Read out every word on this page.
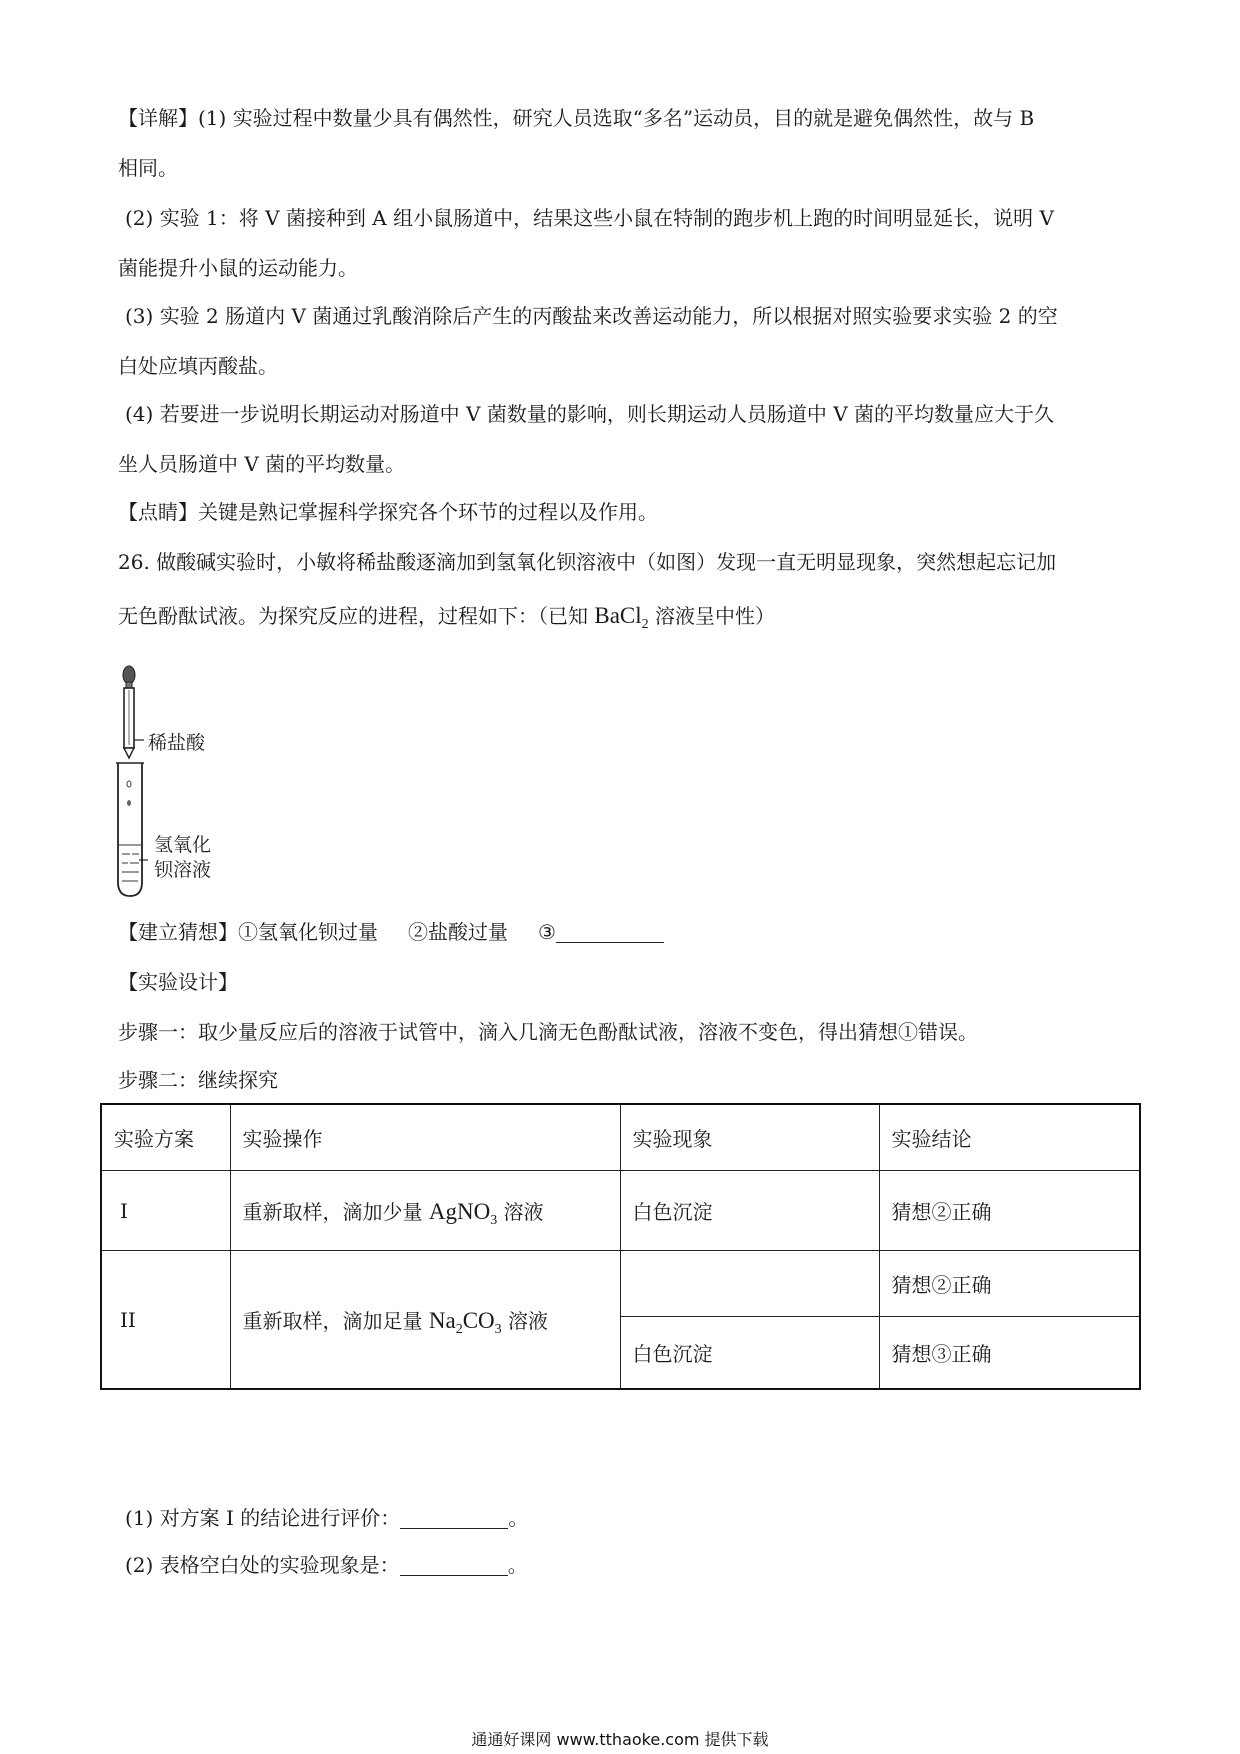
【详解】(1) 实验过程中数量少具有偶然性，研究人员选取“多名”运动员，目的就是避免偶然性，故与 B
相同。
(2) 实验 1：将 V 菌接种到 A 组小鼠肠道中，结果这些小鼠在特制的跑步机上跑的时间明显延长，说明 V
菌能提升小鼠的运动能力。
(3) 实验 2 肠道内 V 菌通过乳酸消除后产生的丙酸盐来改善运动能力，所以根据对照实验要求实验 2 的空
白处应填丙酸盐。
(4) 若要进一步说明长期运动对肠道中 V 菌数量的影响，则长期运动人员肠道中 V 菌的平均数量应大于久
坐人员肠道中 V 菌的平均数量。
【点睛】关键是熟记掌握科学探究各个环节的过程以及作用。
26. 做酸碱实验时，小敏将稀盐酸逐滴加到氢氧化钡溶液中（如图）发现一直无明显现象，突然想起忘记加
无色酚酞试液。为探究反应的进程，过程如下：（已知 BaCl$_2$ 溶液呈中性）
稀盐酸
氢氧化
钡溶液
【建立猜想】①氢氧化钡过量 ②盐酸过量 ③
【实验设计】
步骤一：取少量反应后的溶液于试管中，滴入几滴无色酚酞试液，溶液不变色，得出猜想①错误。
步骤二：继续探究
实验方案	实验操作	实验现象	实验结论
I	重新取样，滴加少量 AgNO$_3$ 溶液	白色沉淀	猜想②正确
II	重新取样，滴加足量 $Na_2CO_3$ 溶液		猜想②正确
		白色沉淀	猜想③正确
(1) 对方案 I 的结论进行评价：	。
(2) 表格空白处的实验现象是：	。
通通好课网 www.tthaoke.com 提供下载
